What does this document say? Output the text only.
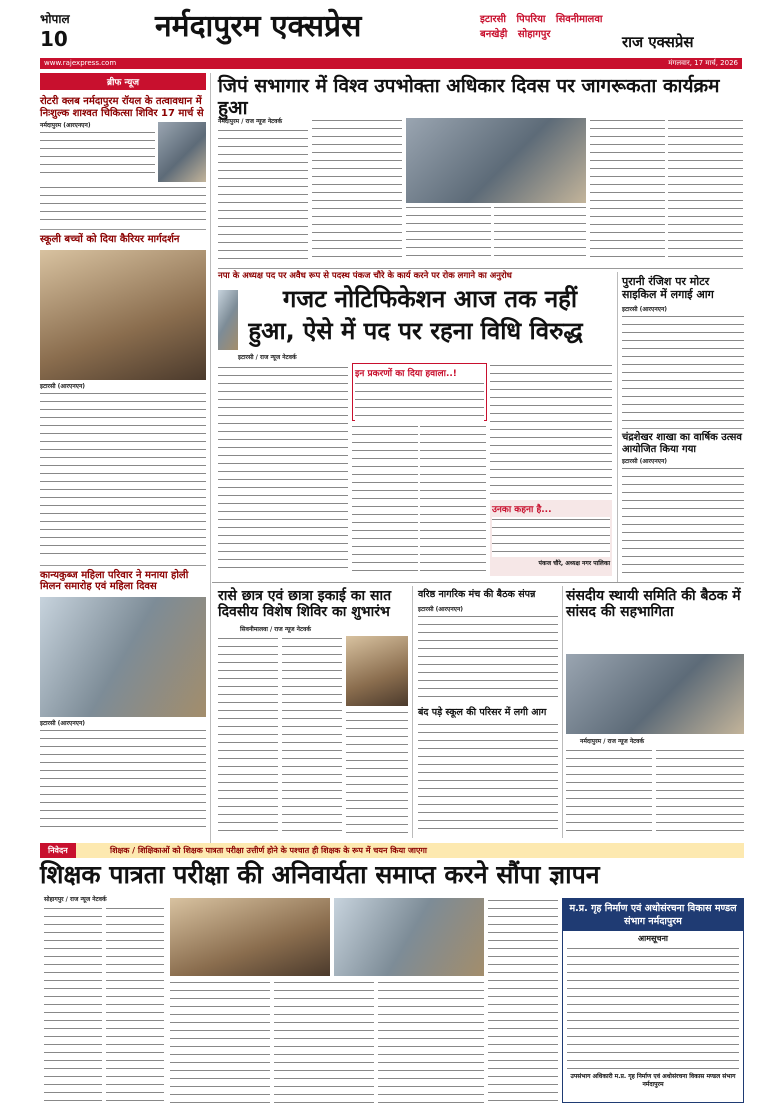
भोपाल
10	नर्मदापुरम एक्सप्रेस	इटारसी पिपरिया सिवनीमालवा
बनखेड़ी सोहागपुर	राज एक्सप्रेस
www.rajexpress.com	मंगलवार, 17 मार्च, 2026
ब्रीफ न्यूज
रोटरी क्लब नर्मदापुरम रॉयल के तत्वावधान में निःशुल्क शाश्वत चिकित्सा शिविर 17 मार्च से
नर्मदापुरम (आरएनएन)
स्कूली बच्चों को दिया कैरियर मार्गदर्शन
इटारसी (आरएनएन)
कान्यकुब्ज महिला परिवार ने मनाया होली मिलन समारोह एवं महिला दिवस
इटारसी (आरएनएन)
जिपं सभागार में विश्व उपभोक्ता अधिकार दिवस पर जागरूकता कार्यक्रम हुआ
नर्मदापुरम / राज न्यूज नेटवर्क
नपा के अध्यक्ष पद पर अवैध रूप से पदस्थ पंकज चौरे के कार्य करने पर रोक लगाने का अनुरोध
गजट नोटिफिकेशन आज तक नहीं
हुआ, ऐसे में पद पर रहना विधि विरुद्ध
इटारसी / राज न्यूज नेटवर्क
इन प्रकरणों का दिया हवाला..!
उनका कहना है...
पंकज चौरे, अध्यक्ष नगर पालिका
पुरानी रंजिश पर मोटर साइकिल में लगाई आग
इटारसी (आरएनएन)
चंद्रशेखर शाखा का वार्षिक उत्सव आयोजित किया गया
इटारसी (आरएनएन)
रासे छात्र एवं छात्रा इकाई का सात दिवसीय विशेष शिविर का शुभारंभ
सिवनीमालवा / राज न्यूज नेटवर्क
वरिष्ठ नागरिक मंच की बैठक संपन्न
इटारसी (आरएनएन)
बंद पड़े स्कूल की परिसर में लगी आग
संसदीय स्थायी समिति की बैठक में सांसद की सहभागिता
नर्मदापुरम / राज न्यूज नेटवर्क
निवेदन	शिक्षक / शिक्षिकाओं को शिक्षक पात्रता परीक्षा उत्तीर्ण होने के पश्चात ही शिक्षक के रूप में चयन किया जाएगा
शिक्षक पात्रता परीक्षा की अनिवार्यता समाप्त करने सौंपा ज्ञापन
सोहागपुर / राज न्यूज नेटवर्क
म.प्र. गृह निर्माण एवं अधोसंरचना विकास मण्डल संभाग नर्मदापुरम
आमसूचना
उपसंभाग अधिकारी म.प्र. गृह निर्माण एवं अधोसंरचना विकास मण्डल संभाग नर्मदापुरम
